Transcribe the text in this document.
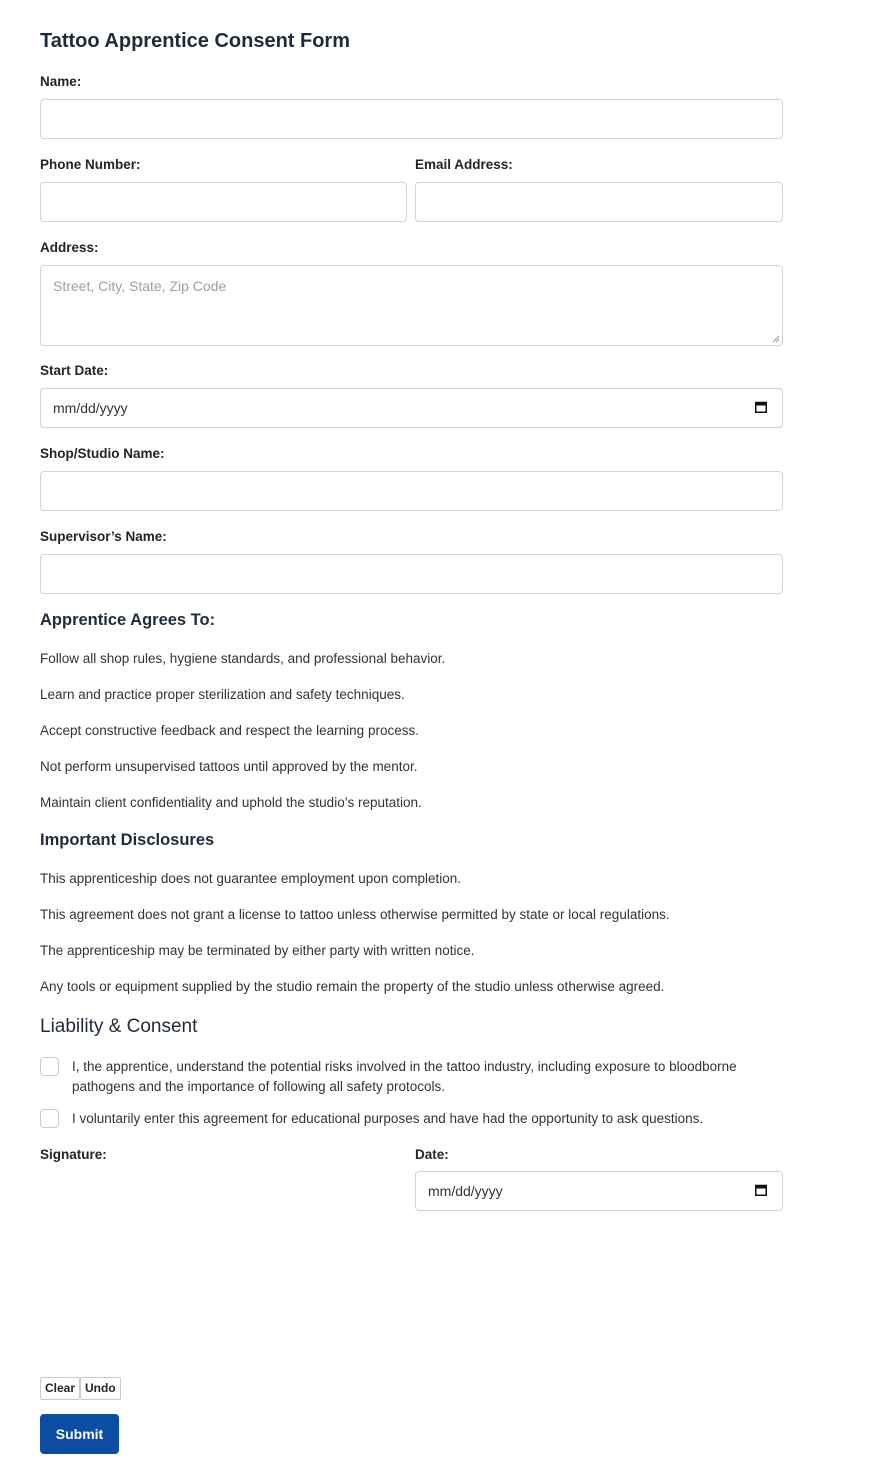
Tattoo Apprentice Consent Form
Name:
Phone Number:	Email Address:
Address:
Street, City, State, Zip Code
Start Date:
mm/dd/yyyy
Shop/Studio Name:
Supervisor’s Name:
Apprentice Agrees To:
Follow all shop rules, hygiene standards, and professional behavior.
Learn and practice proper sterilization and safety techniques.
Accept constructive feedback and respect the learning process.
Not perform unsupervised tattoos until approved by the mentor.
Maintain client confidentiality and uphold the studio’s reputation.
Important Disclosures
This apprenticeship does not guarantee employment upon completion.
This agreement does not grant a license to tattoo unless otherwise permitted by state or local regulations.
The apprenticeship may be terminated by either party with written notice.
Any tools or equipment supplied by the studio remain the property of the studio unless otherwise agreed.
Liability & Consent
I, the apprentice, understand the potential risks involved in the tattoo industry, including exposure to bloodborne pathogens and the importance of following all safety protocols.
I voluntarily enter this agreement for educational purposes and have had the opportunity to ask questions.
Signature:	Date:
mm/dd/yyyy
Clear Undo
Submit
